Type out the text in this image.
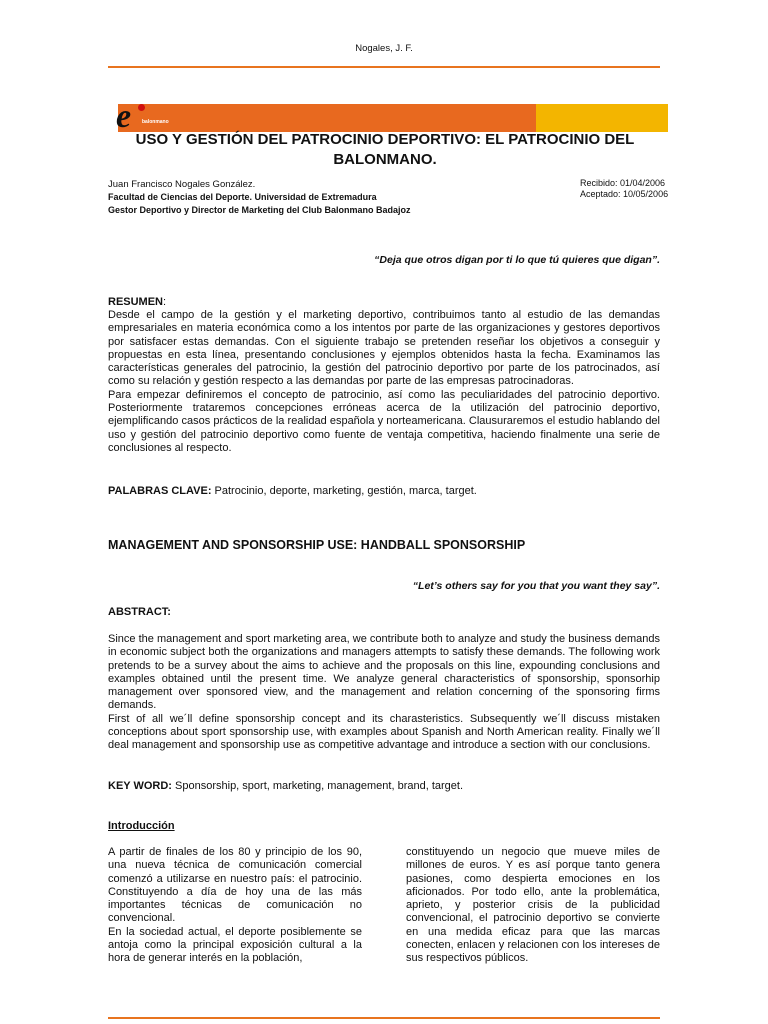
Nogales, J. F.
e balonmano
USO Y GESTIÓN DEL PATROCINIO DEPORTIVO: EL PATROCINIO DEL BALONMANO.
Juan Francisco Nogales González.
Facultad de Ciencias del Deporte. Universidad de Extremadura
Gestor Deportivo y Director de Marketing del Club Balonmano Badajoz
Recibido: 01/04/2006
Aceptado: 10/05/2006
“Deja que otros digan por ti lo que tú quieres que digan”.
RESUMEN:
Desde el campo de la gestión y el marketing deportivo, contribuimos tanto al estudio de las demandas empresariales en materia económica como a los intentos por parte de las organizaciones y gestores deportivos por satisfacer estas demandas. Con el siguiente trabajo se pretenden reseñar los objetivos a conseguir y propuestas en esta línea, presentando conclusiones y ejemplos obtenidos hasta la fecha. Examinamos las características generales del patrocinio, la gestión del patrocinio deportivo por parte de los patrocinados, así como su relación y gestión respecto a las demandas por parte de las empresas patrocinadoras.
Para empezar definiremos el concepto de patrocinio, así como las peculiaridades del patrocinio deportivo. Posteriormente trataremos concepciones erróneas acerca de la utilización del patrocinio deportivo, ejemplificando casos prácticos de la realidad española y norteamericana. Clausuraremos el estudio hablando del uso y gestión del patrocinio deportivo como fuente de ventaja competitiva, haciendo finalmente una serie de conclusiones al respecto.
PALABRAS CLAVE: Patrocinio, deporte, marketing, gestión, marca, target.
MANAGEMENT AND SPONSORSHIP USE: HANDBALL SPONSORSHIP
“Let’s others say for you that you want they say”.
ABSTRACT:
Since the management and sport marketing area, we contribute both to analyze and study the business demands in economic subject both the organizations and managers attempts to satisfy these demands. The following work pretends to be a survey about the aims to achieve and the proposals on this line, expounding conclusions and examples obtained until the present time. We analyze general characteristics of sponsorship, sponsorhip management over sponsored view, and the management and relation concerning of the sponsoring firms demands.
First of all we´ll define sponsorship concept and its charasteristics. Subsequently we´ll discuss mistaken conceptions about sport sponsorship use, with examples about Spanish and North American reality. Finally we´ll deal management and sponsorship use as competitive advantage and introduce a section with our conclusions.
KEY WORD: Sponsorship, sport, marketing, management, brand, target.
Introducción

A partir de finales de los 80 y principio de los 90, una nueva técnica de comunicación comercial comenzó a utilizarse en nuestro país: el patrocinio. Constituyendo a día de hoy una de las más importantes técnicas de comunicación no convencional.

En la sociedad actual, el deporte posiblemente se antoja como la principal exposición cultural a la hora de generar interés en la población,

constituyendo un negocio que mueve miles de millones de euros. Y es así porque tanto genera pasiones, como despierta emociones en los aficionados. Por todo ello, ante la problemática, aprieto, y posterior crisis de la publicidad convencional, el patrocinio deportivo se convierte en una medida eficaz para que las marcas conecten, enlacen y relacionen con los intereses de sus respectivos públicos.
